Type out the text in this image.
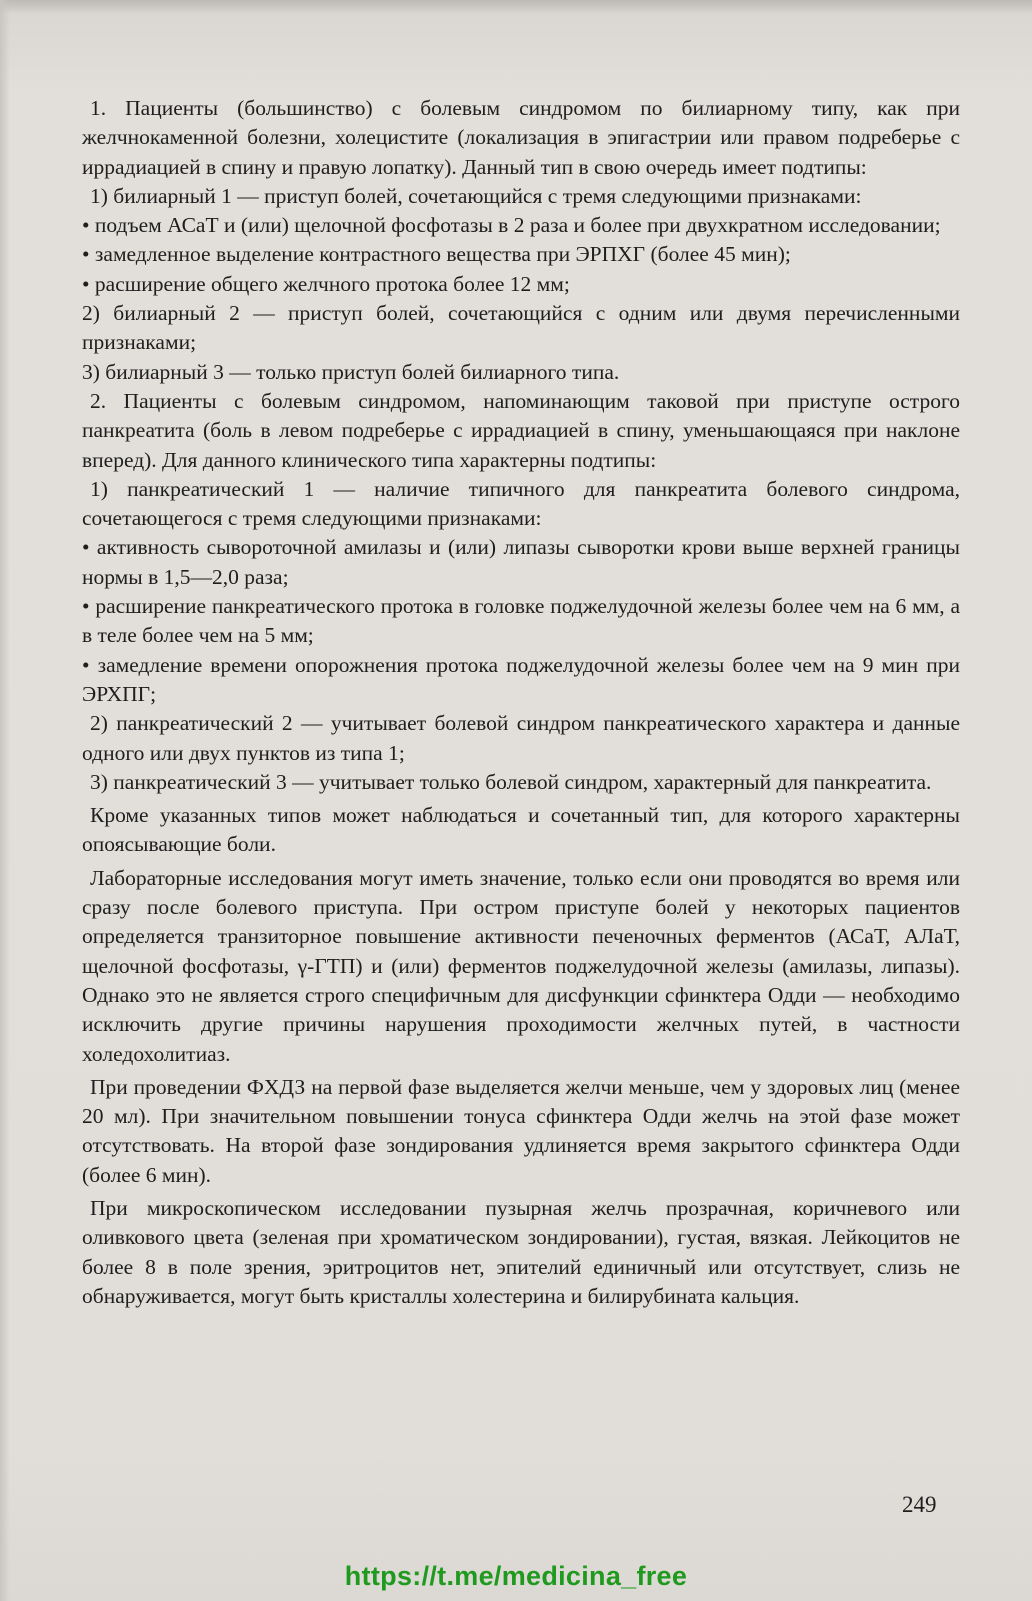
1. Пациенты (большинство) с болевым синдромом по билиарному типу, как при желчнокаменной болезни, холецистите (локализация в эпигастрии или правом подреберье с иррадиацией в спину и правую лопатку). Данный тип в свою очередь имеет подтипы:

1) билиарный 1 — приступ болей, сочетающийся с тремя следующими признаками:

• подъем АСаТ и (или) щелочной фосфотазы в 2 раза и более при двухкратном исследовании;

• замедленное выделение контрастного вещества при ЭРПХГ (более 45 мин);

• расширение общего желчного протока более 12 мм;

2) билиарный 2 — приступ болей, сочетающийся с одним или двумя перечисленными признаками;

3) билиарный 3 — только приступ болей билиарного типа.

2. Пациенты с болевым синдромом, напоминающим таковой при приступе острого панкреатита (боль в левом подреберье с иррадиацией в спину, уменьшающаяся при наклоне вперед). Для данного клинического типа характерны подтипы:

1) панкреатический 1 — наличие типичного для панкреатита болевого синдрома, сочетающегося с тремя следующими признаками:

• активность сывороточной амилазы и (или) липазы сыворотки крови выше верхней границы нормы в 1,5—2,0 раза;

• расширение панкреатического протока в головке поджелудочной железы более чем на 6 мм, а в теле более чем на 5 мм;

• замедление времени опорожнения протока поджелудочной железы более чем на 9 мин при ЭРХПГ;

2) панкреатический 2 — учитывает болевой синдром панкреатического характера и данные одного или двух пунктов из типа 1;

3) панкреатический 3 — учитывает только болевой синдром, характерный для панкреатита.

Кроме указанных типов может наблюдаться и сочетанный тип, для которого характерны опоясывающие боли.

Лабораторные исследования могут иметь значение, только если они проводятся во время или сразу после болевого приступа. При остром приступе болей у некоторых пациентов определяется транзиторное повышение активности печеночных ферментов (АСаТ, АЛаТ, щелочной фосфотазы, γ-ГТП) и (или) ферментов поджелудочной железы (амилазы, липазы). Однако это не является строго специфичным для дисфункции сфинктера Одди — необходимо исключить другие причины нарушения проходимости желчных путей, в частности холедохолитиаз.

При проведении ФХДЗ на первой фазе выделяется желчи меньше, чем у здоровых лиц (менее 20 мл). При значительном повышении тонуса сфинктера Одди желчь на этой фазе может отсутствовать. На второй фазе зондирования удлиняется время закрытого сфинктера Одди (более 6 мин).

При микроскопическом исследовании пузырная желчь прозрачная, коричневого или оливкового цвета (зеленая при хроматическом зондировании), густая, вязкая. Лейкоцитов не более 8 в поле зрения, эритроцитов нет, эпителий единичный или отсутствует, слизь не обнаруживается, могут быть кристаллы холестерина и билирубината кальция.

249
https://t.me/medicina_free
